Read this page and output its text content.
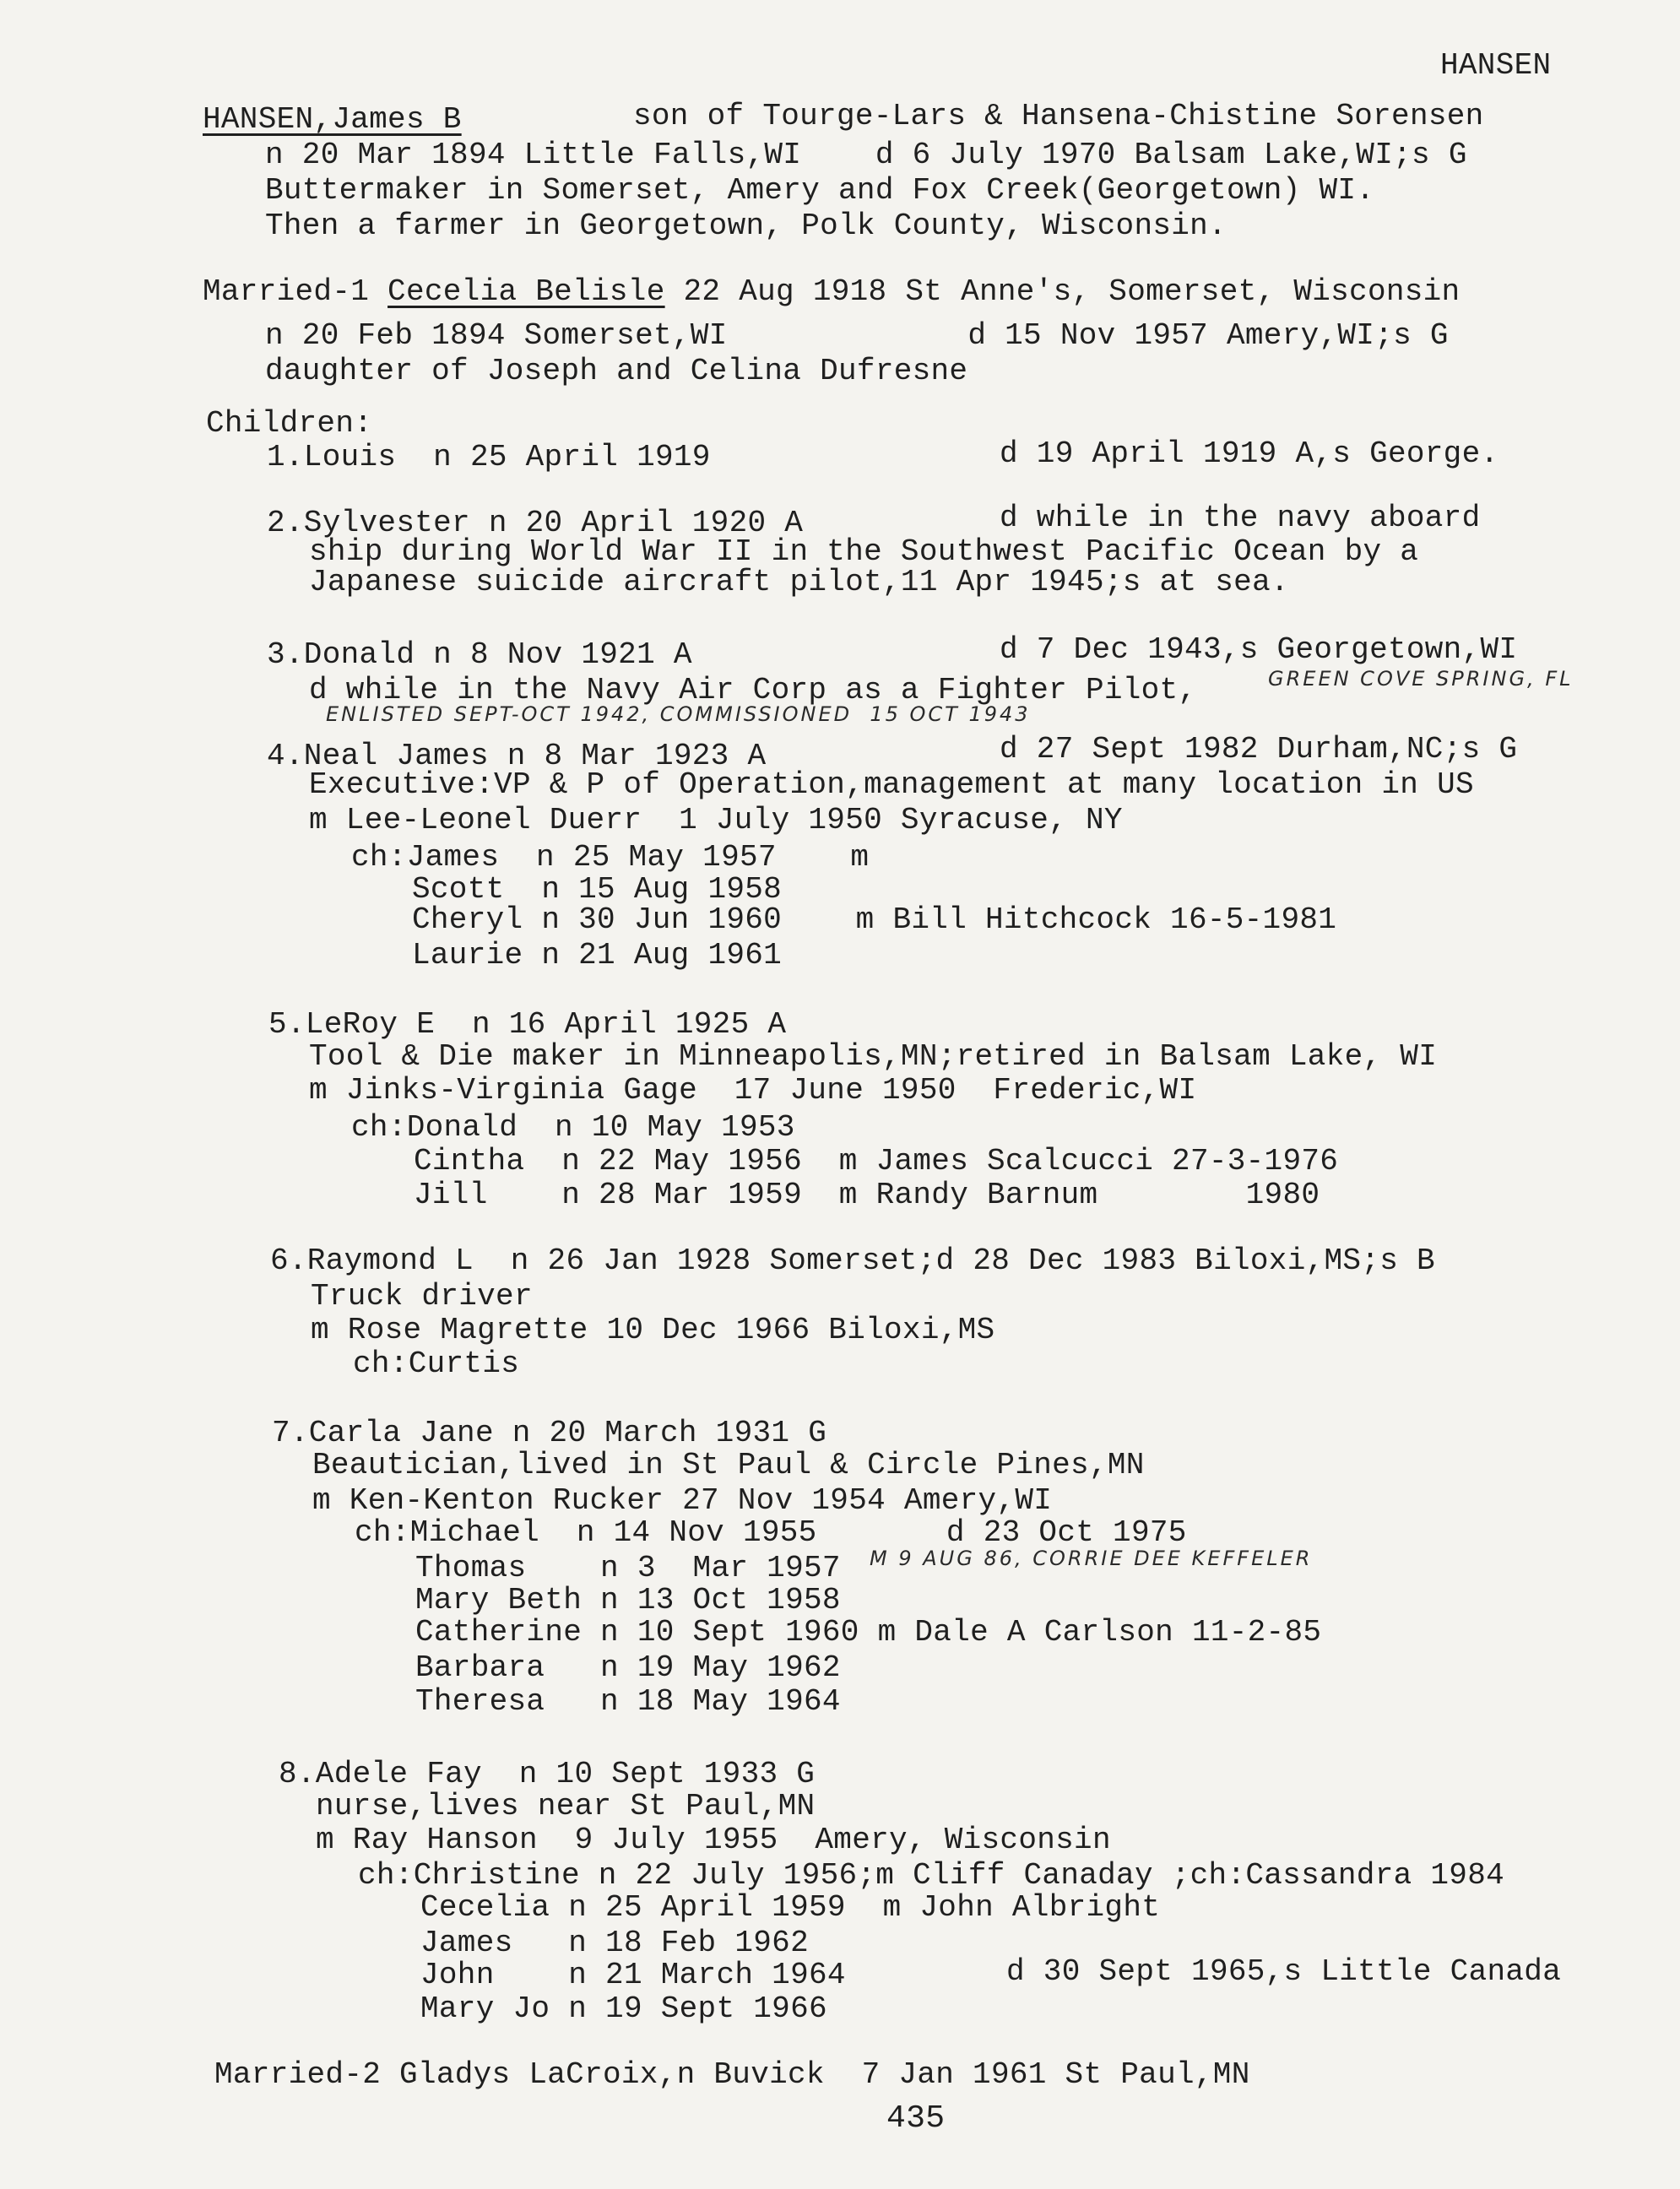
HANSEN
HANSEN,James B	son of Tourge-Lars & Hansena-Chistine Sorensen
n 20 Mar 1894 Little Falls,WI    d 6 July 1970 Balsam Lake,WI;s G
Buttermaker in Somerset, Amery and Fox Creek(Georgetown) WI.
Then a farmer in Georgetown, Polk County, Wisconsin.
Married-1 Cecelia Belisle 22 Aug 1918 St Anne's, Somerset, Wisconsin
n 20 Feb 1894 Somerset,WI             d 15 Nov 1957 Amery,WI;s G
daughter of Joseph and Celina Dufresne
Children:
1.Louis  n 25 April 1919	d 19 April 1919 A,s George.
2.Sylvester n 20 April 1920 A	d while in the navy aboard
ship during World War II in the Southwest Pacific Ocean by a
Japanese suicide aircraft pilot,11 Apr 1945;s at sea.
3.Donald n 8 Nov 1921 A	d 7 Dec 1943,s Georgetown,WI
d while in the Navy Air Corp as a Fighter Pilot,	GREEN COVE SPRING, FL
ENLISTED SEPT-OCT 1942, COMMISSIONED  15 OCT 1943
4.Neal James n 8 Mar 1923 A	d 27 Sept 1982 Durham,NC;s G
Executive:VP & P of Operation,management at many location in US
m Lee-Leonel Duerr  1 July 1950 Syracuse, NY
ch:James  n 25 May 1957    m
Scott  n 15 Aug 1958
Cheryl n 30 Jun 1960    m Bill Hitchcock 16-5-1981
Laurie n 21 Aug 1961
5.LeRoy E  n 16 April 1925 A
Tool & Die maker in Minneapolis,MN;retired in Balsam Lake, WI
m Jinks-Virginia Gage  17 June 1950  Frederic,WI
ch:Donald  n 10 May 1953
Cintha  n 22 May 1956  m James Scalcucci 27-3-1976
Jill    n 28 Mar 1959  m Randy Barnum        1980
6.Raymond L  n 26 Jan 1928 Somerset;d 28 Dec 1983 Biloxi,MS;s B
Truck driver
m Rose Magrette 10 Dec 1966 Biloxi,MS
ch:Curtis
7.Carla Jane n 20 March 1931 G
Beautician,lived in St Paul & Circle Pines,MN
m Ken-Kenton Rucker 27 Nov 1954 Amery,WI
ch:Michael  n 14 Nov 1955       d 23 Oct 1975
Thomas    n 3  Mar 1957 M 9 AUG 86, CORRIE DEE KEFFELER
Mary Beth n 13 Oct 1958
Catherine n 10 Sept 1960 m Dale A Carlson 11-2-85
Barbara   n 19 May 1962
Theresa   n 18 May 1964
8.Adele Fay  n 10 Sept 1933 G
nurse,lives near St Paul,MN
m Ray Hanson  9 July 1955  Amery, Wisconsin
ch:Christine n 22 July 1956;m Cliff Canaday ;ch:Cassandra 1984
Cecelia n 25 April 1959  m John Albright
James   n 18 Feb 1962
John    n 21 March 1964	d 30 Sept 1965,s Little Canada
Mary Jo n 19 Sept 1966
Married-2 Gladys LaCroix,n Buvick  7 Jan 1961 St Paul,MN
435
